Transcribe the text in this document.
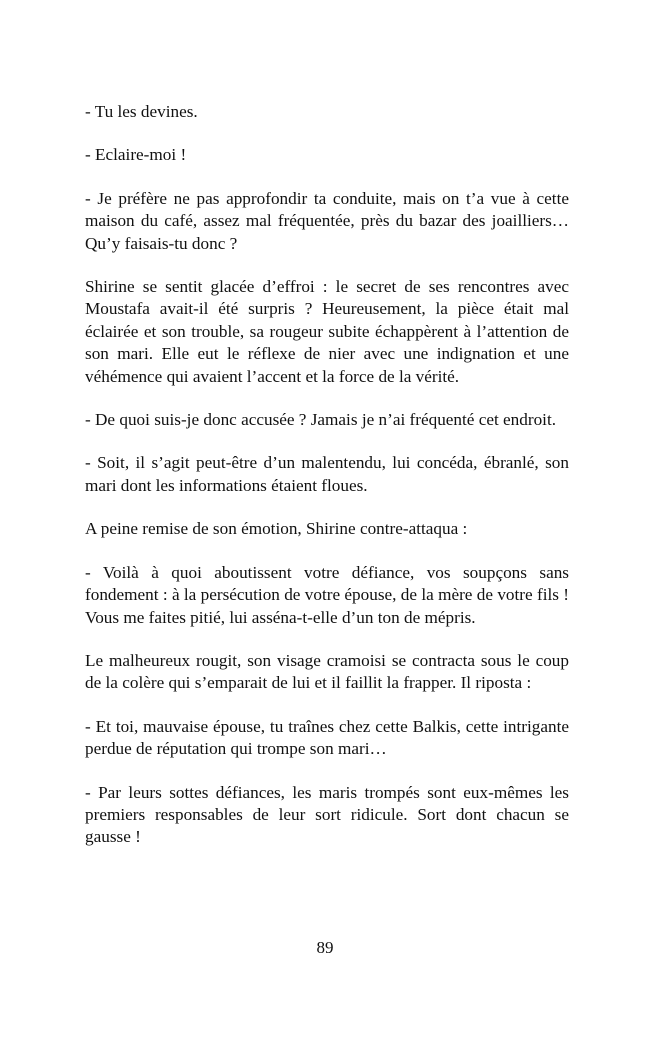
- Tu les devines.

- Eclaire-moi !

- Je préfère ne pas approfondir ta conduite, mais on t’a vue à cette maison du café, assez mal fréquentée, près du bazar des joailliers… Qu’y faisais-tu donc ?

Shirine se sentit glacée d’effroi : le secret de ses rencontres avec Moustafa avait-il été surpris ? Heureusement, la pièce était mal éclairée et son trouble, sa rougeur subite échappèrent à l’attention de son mari. Elle eut le réflexe de nier avec une indignation et une véhémence qui avaient l’accent et la force de la vérité.

- De quoi suis-je donc accusée ? Jamais je n’ai fréquenté cet endroit.

- Soit, il s’agit peut-être d’un malentendu, lui concéda, ébranlé, son mari dont les informations étaient floues.

A peine remise de son émotion, Shirine contre-attaqua :

- Voilà à quoi aboutissent votre défiance, vos soupçons sans fondement : à la persécution de votre épouse, de la mère de votre fils ! Vous me faites pitié, lui asséna-t-elle d’un ton de mépris.

Le malheureux rougit, son visage cramoisi se contracta sous le coup de la colère qui s’emparait de lui et il faillit la frapper. Il riposta :

- Et toi, mauvaise épouse, tu traînes chez cette Balkis, cette intrigante perdue de réputation qui trompe son mari…

- Par leurs sottes défiances, les maris trompés sont eux-mêmes les premiers responsables de leur sort ridicule. Sort dont chacun se gausse !

89
